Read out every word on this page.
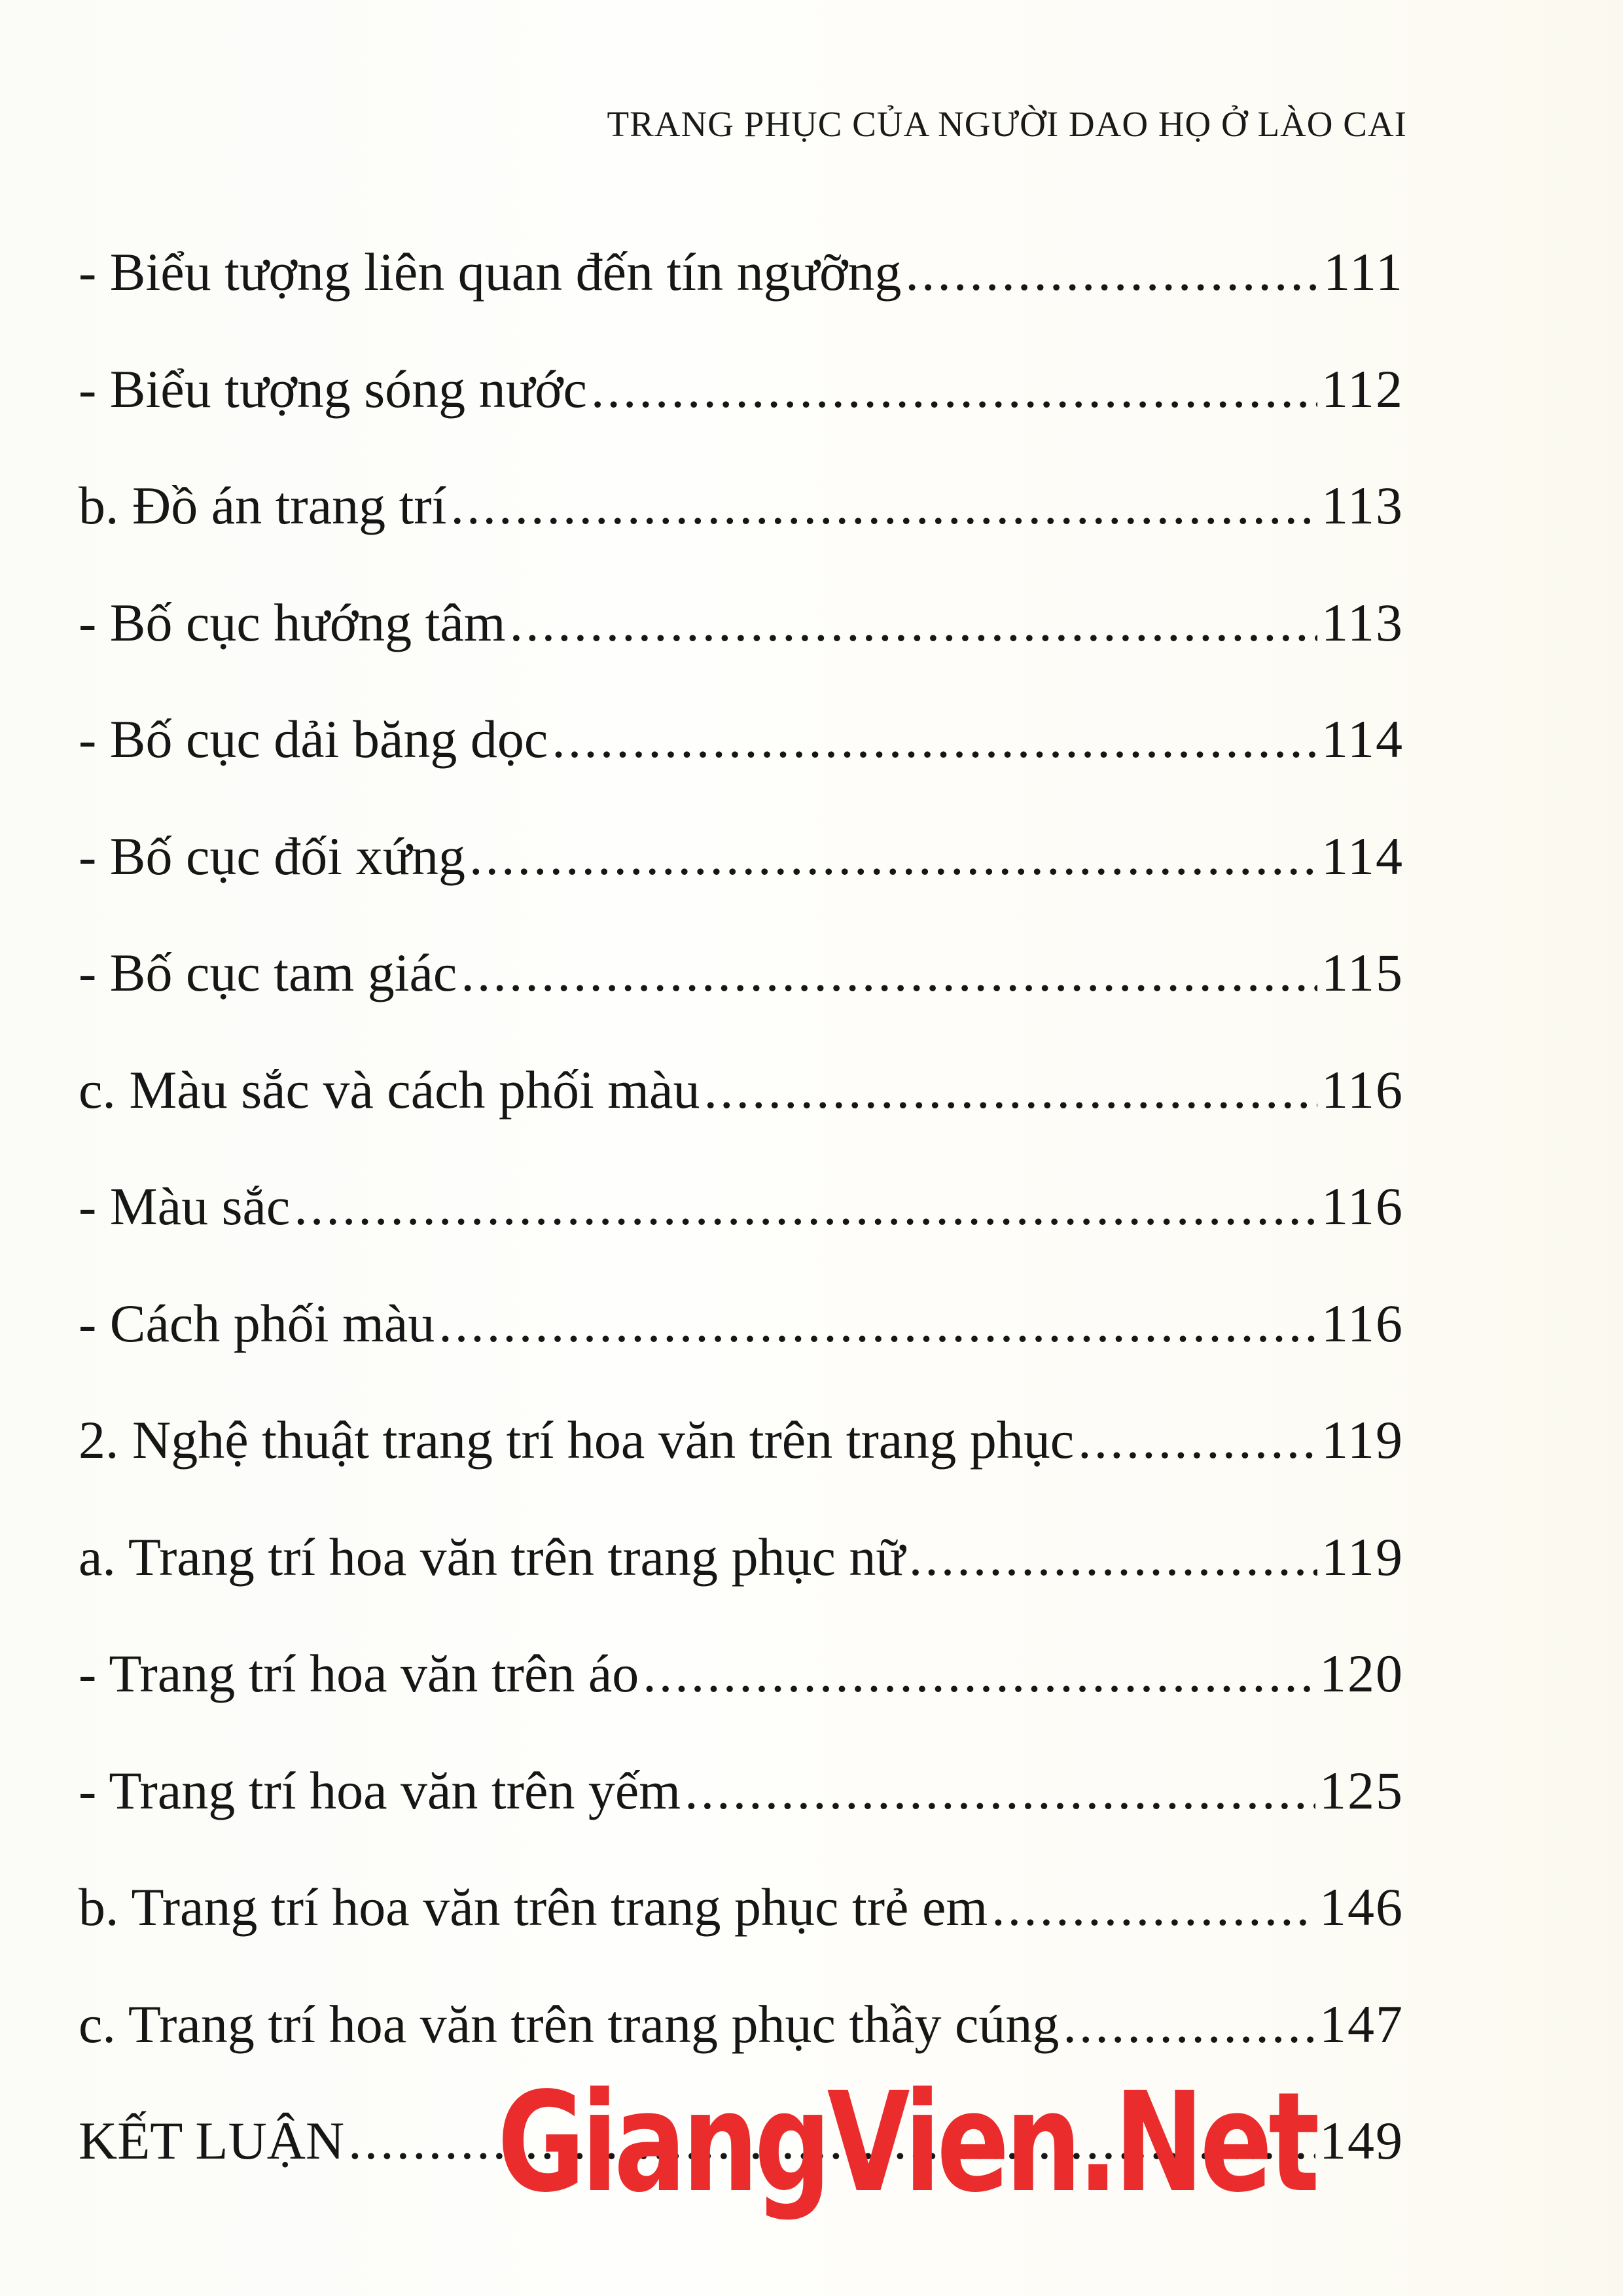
TRANG PHỤC CỦA NGƯỜI DAO HỌ Ở LÀO CAI
- Biểu tượng liên quan đến tín ngưỡng .....	111
- Biểu tượng sóng nước .....	112
b. Đồ án trang trí .....	113
- Bố cục hướng tâm .....	113
- Bố cục dải băng dọc .....	114
- Bố cục đối xứng .....	114
- Bố cục tam giác .....	115
c. Màu sắc và cách phối màu .....	116
- Màu sắc .....	116
- Cách phối màu .....	116
2. Nghệ thuật trang trí hoa văn trên trang phục .....	119
a. Trang trí hoa văn trên trang phục nữ .....	119
- Trang trí hoa văn trên áo .....	120
- Trang trí hoa văn trên yếm .....	125
b. Trang trí hoa văn trên trang phục trẻ em .....	146
c. Trang trí hoa văn trên trang phục thầy cúng .....	147
KẾT LUẬN .....	149
GiangVien.Net
